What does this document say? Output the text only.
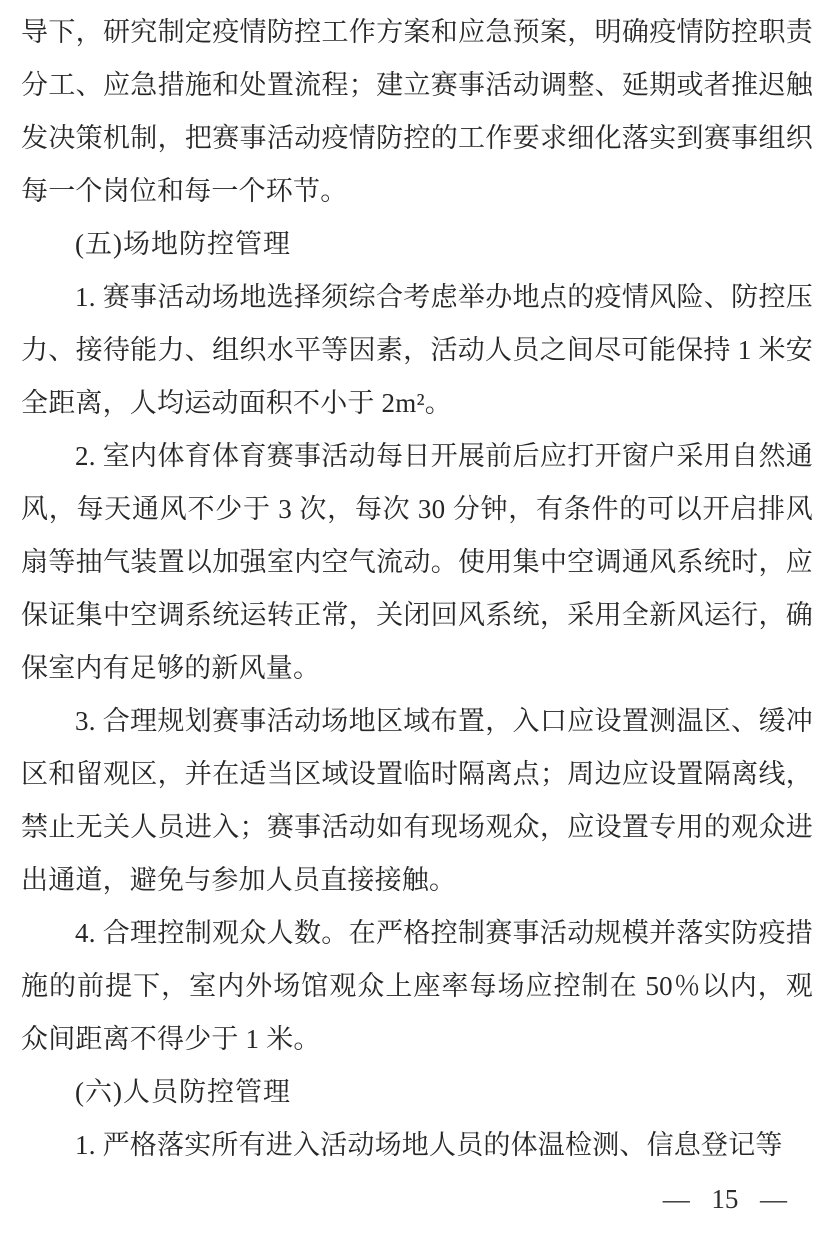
导下，研究制定疫情防控工作方案和应急预案，明确疫情防控职责分工、应急措施和处置流程；建立赛事活动调整、延期或者推迟触发决策机制，把赛事活动疫情防控的工作要求细化落实到赛事组织每一个岗位和每一个环节。

(五)场地防控管理

1. 赛事活动场地选择须综合考虑举办地点的疫情风险、防控压力、接待能力、组织水平等因素，活动人员之间尽可能保持 1 米安全距离，人均运动面积不小于 2m²。

2. 室内体育体育赛事活动每日开展前后应打开窗户采用自然通风，每天通风不少于 3 次，每次 30 分钟，有条件的可以开启排风扇等抽气装置以加强室内空气流动。使用集中空调通风系统时，应保证集中空调系统运转正常，关闭回风系统，采用全新风运行，确保室内有足够的新风量。

3. 合理规划赛事活动场地区域布置，入口应设置测温区、缓冲区和留观区，并在适当区域设置临时隔离点；周边应设置隔离线，禁止无关人员进入；赛事活动如有现场观众，应设置专用的观众进出通道，避免与参加人员直接接触。

4. 合理控制观众人数。在严格控制赛事活动规模并落实防疫措施的前提下，室内外场馆观众上座率每场应控制在 50％以内，观众间距离不得少于 1 米。

(六)人员防控管理

1. 严格落实所有进入活动场地人员的体温检测、信息登记等

— 15 —
